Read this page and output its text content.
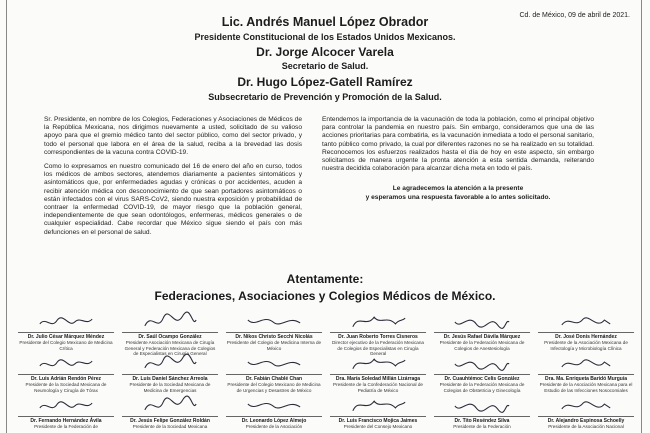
Cd. de México, 09 de abril de 2021.
Lic. Andrés Manuel López Obrador
Presidente Constitucional de los Estados Unidos Mexicanos.
Dr. Jorge Alcocer Varela
Secretario de Salud.
Dr. Hugo López-Gatell Ramírez
Subsecretario de Prevención y Promoción de la Salud.

Sr. Presidente, en nombre de los Colegios, Federaciones y Asociaciones de Médicos de la República Mexicana, nos dirigimos nuevamente a usted, solicitado de su valioso apoyo para que el gremio médico tanto del sector público, como del sector privado, y todo el personal que labora en el área de la salud, reciba a la brevedad las dosis correspondientes de la vacuna contra COVID-19.

Como lo expresamos en nuestro comunicado del 16 de enero del año en curso, todos los médicos de ambos sectores, atendemos diariamente a pacientes sintomáticos y asintomáticos que, por enfermedades agudas y crónicas o por accidentes, acuden a recibir atención médica con desconocimiento de que sean portadores asintomáticos o están infectados con el virus SARS-CoV2, siendo nuestra exposición y probabilidad de contraer la enfermedad COVID-19, de mayor riesgo que la población general, independientemente de que sean odontólogos, enfermeras, médicos generales o de cualquier especialidad. Cabe recordar que México sigue siendo el país con más defunciones en el personal de salud.

Entendemos la importancia de la vacunación de toda la población, como el principal objetivo para controlar la pandemia en nuestro país. Sin embargo, consideramos que una de las acciones prioritarias para combatirla, es la vacunación inmediata a todo el personal sanitario, tanto público como privado, la cual por diferentes razones no se ha realizado en su totalidad. Reconocemos los esfuerzos realizados hasta el día de hoy en este aspecto, sin embargo solicitamos de manera urgente la pronta atención a esta sentida demanda, reiterando nuestra decidida colaboración para alcanzar dicha meta en todo el país.

Le agradecemos la atención a la presente
y esperamos una respuesta favorable a lo antes solicitado.
Atentamente:
Federaciones, Asociaciones y Colegios Médicos de México.
Dr. Julio César Márquez Méndez
Presidente del Colegio Mexicano de Medicina Crítica
Dr. Saúl Ocampo González
Presidente Asociación Mexicana de Cirugía General y Federación Mexicana de Colegios de Especialistas en Cirugía General
Dr. Nikos Christo Secchi Nicolás
Presidente del Colegio de Medicina Interna de México
Dr. Juan Roberto Torres Cisneros
Director ejecutivo de la Federación Mexicana de Colegios de Especialistas en Cirugía General
Dr. Jesús Rafael Dávila Márquez
Presidente de la Federación Mexicana de Colegios de Anestesiología
Dr. José Donis Hernández
Presidente de la Asociación Mexicana de Infectología y Microbiología Clínica
Dr. Luis Adrián Rendón Pérez
Presidente de la Sociedad Mexicana de Neumología y Cirugía de Tórax
Dr. Luis Daniel Sánchez Arreola
Presidente de la Sociedad Mexicana de Medicina de Emergencias
Dr. Fabián Chablé Chan
Presidente del Colegio Mexicano de Medicina de Urgencias y Desastres de México
Dra. María Soledad Millán Lizárraga
Presidente de la Confederación Nacional de Pediatría de México
Dr. Cuauhtémoc Celis González
Presidente de la Federación Mexicana de Colegios de Obstetricia y Ginecología
Dra. Ma. Enriqueta Baridó Murguía
Presidente de la Asociación Mexicana para el Estudio de las Infecciones Nosocomiales
Dr. Fernando Hernández Ávila
Presidente de la Federación de
Dr. Jesús Felipe González Roldán
Presidente de la Sociedad Mexicana
Dr. Leonardo López Almejo
Presidente de la Asociación
Dr. Luis Francisco Mojica Jaimes
Presidente del Consejo Mexicano
Dr. Tito Reséndez Silva
Presidente de la Federación
Dr. Alejandro Espinosa Schoelly
Presidente de la Asociación Nacional
